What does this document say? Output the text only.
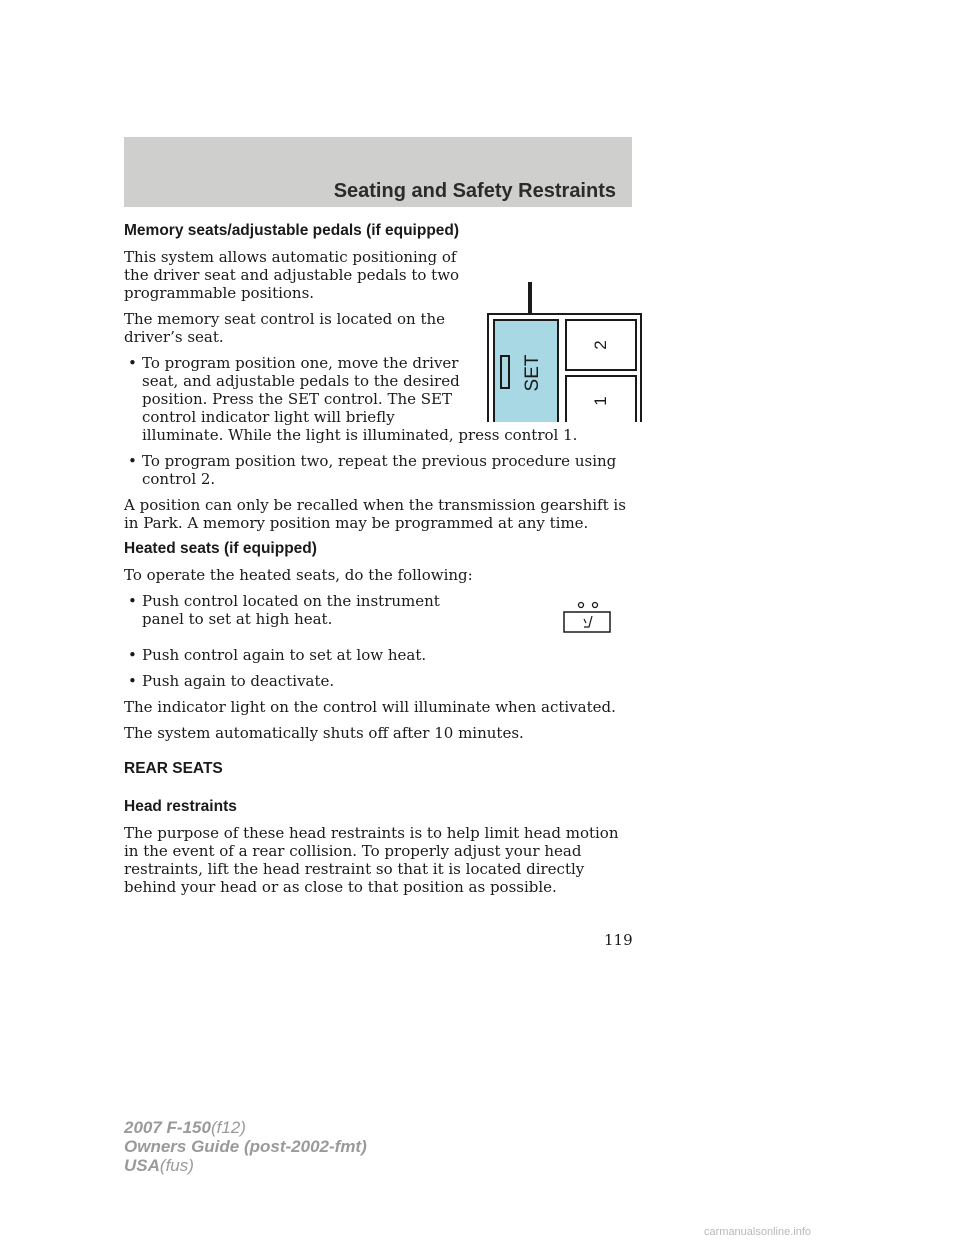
Seating and Safety Restraints
Memory seats/adjustable pedals (if equipped)
SET
2
1

This system allows automatic positioning of the driver seat and adjustable pedals to two programmable positions.

The memory seat control is located on the driver’s seat.

• To program position one, move the driver seat, and adjustable pedals to the desired position. Press the SET control. The SET control indicator light will briefly illuminate. While the light is illuminated, press control 1.
• To program position two, repeat the previous procedure using control 2.

A position can only be recalled when the transmission gearshift is in Park. A memory position may be programmed at any time.

Heated seats (if equipped)

To operate the heated seats, do the following:

• Push control located on the instrument panel to set at high heat.
• Push control again to set at low heat.
• Push again to deactivate.

The indicator light on the control will illuminate when activated.

The system automatically shuts off after 10 minutes.

REAR SEATS
Head restraints

The purpose of these head restraints is to help limit head motion in the event of a rear collision. To properly adjust your head restraints, lift the head restraint so that it is located directly behind your head or as close to that position as possible.

119
2007 F-150(f12)
Owners Guide (post-2002-fmt)
USA(fus)
carmanualsonline.info
